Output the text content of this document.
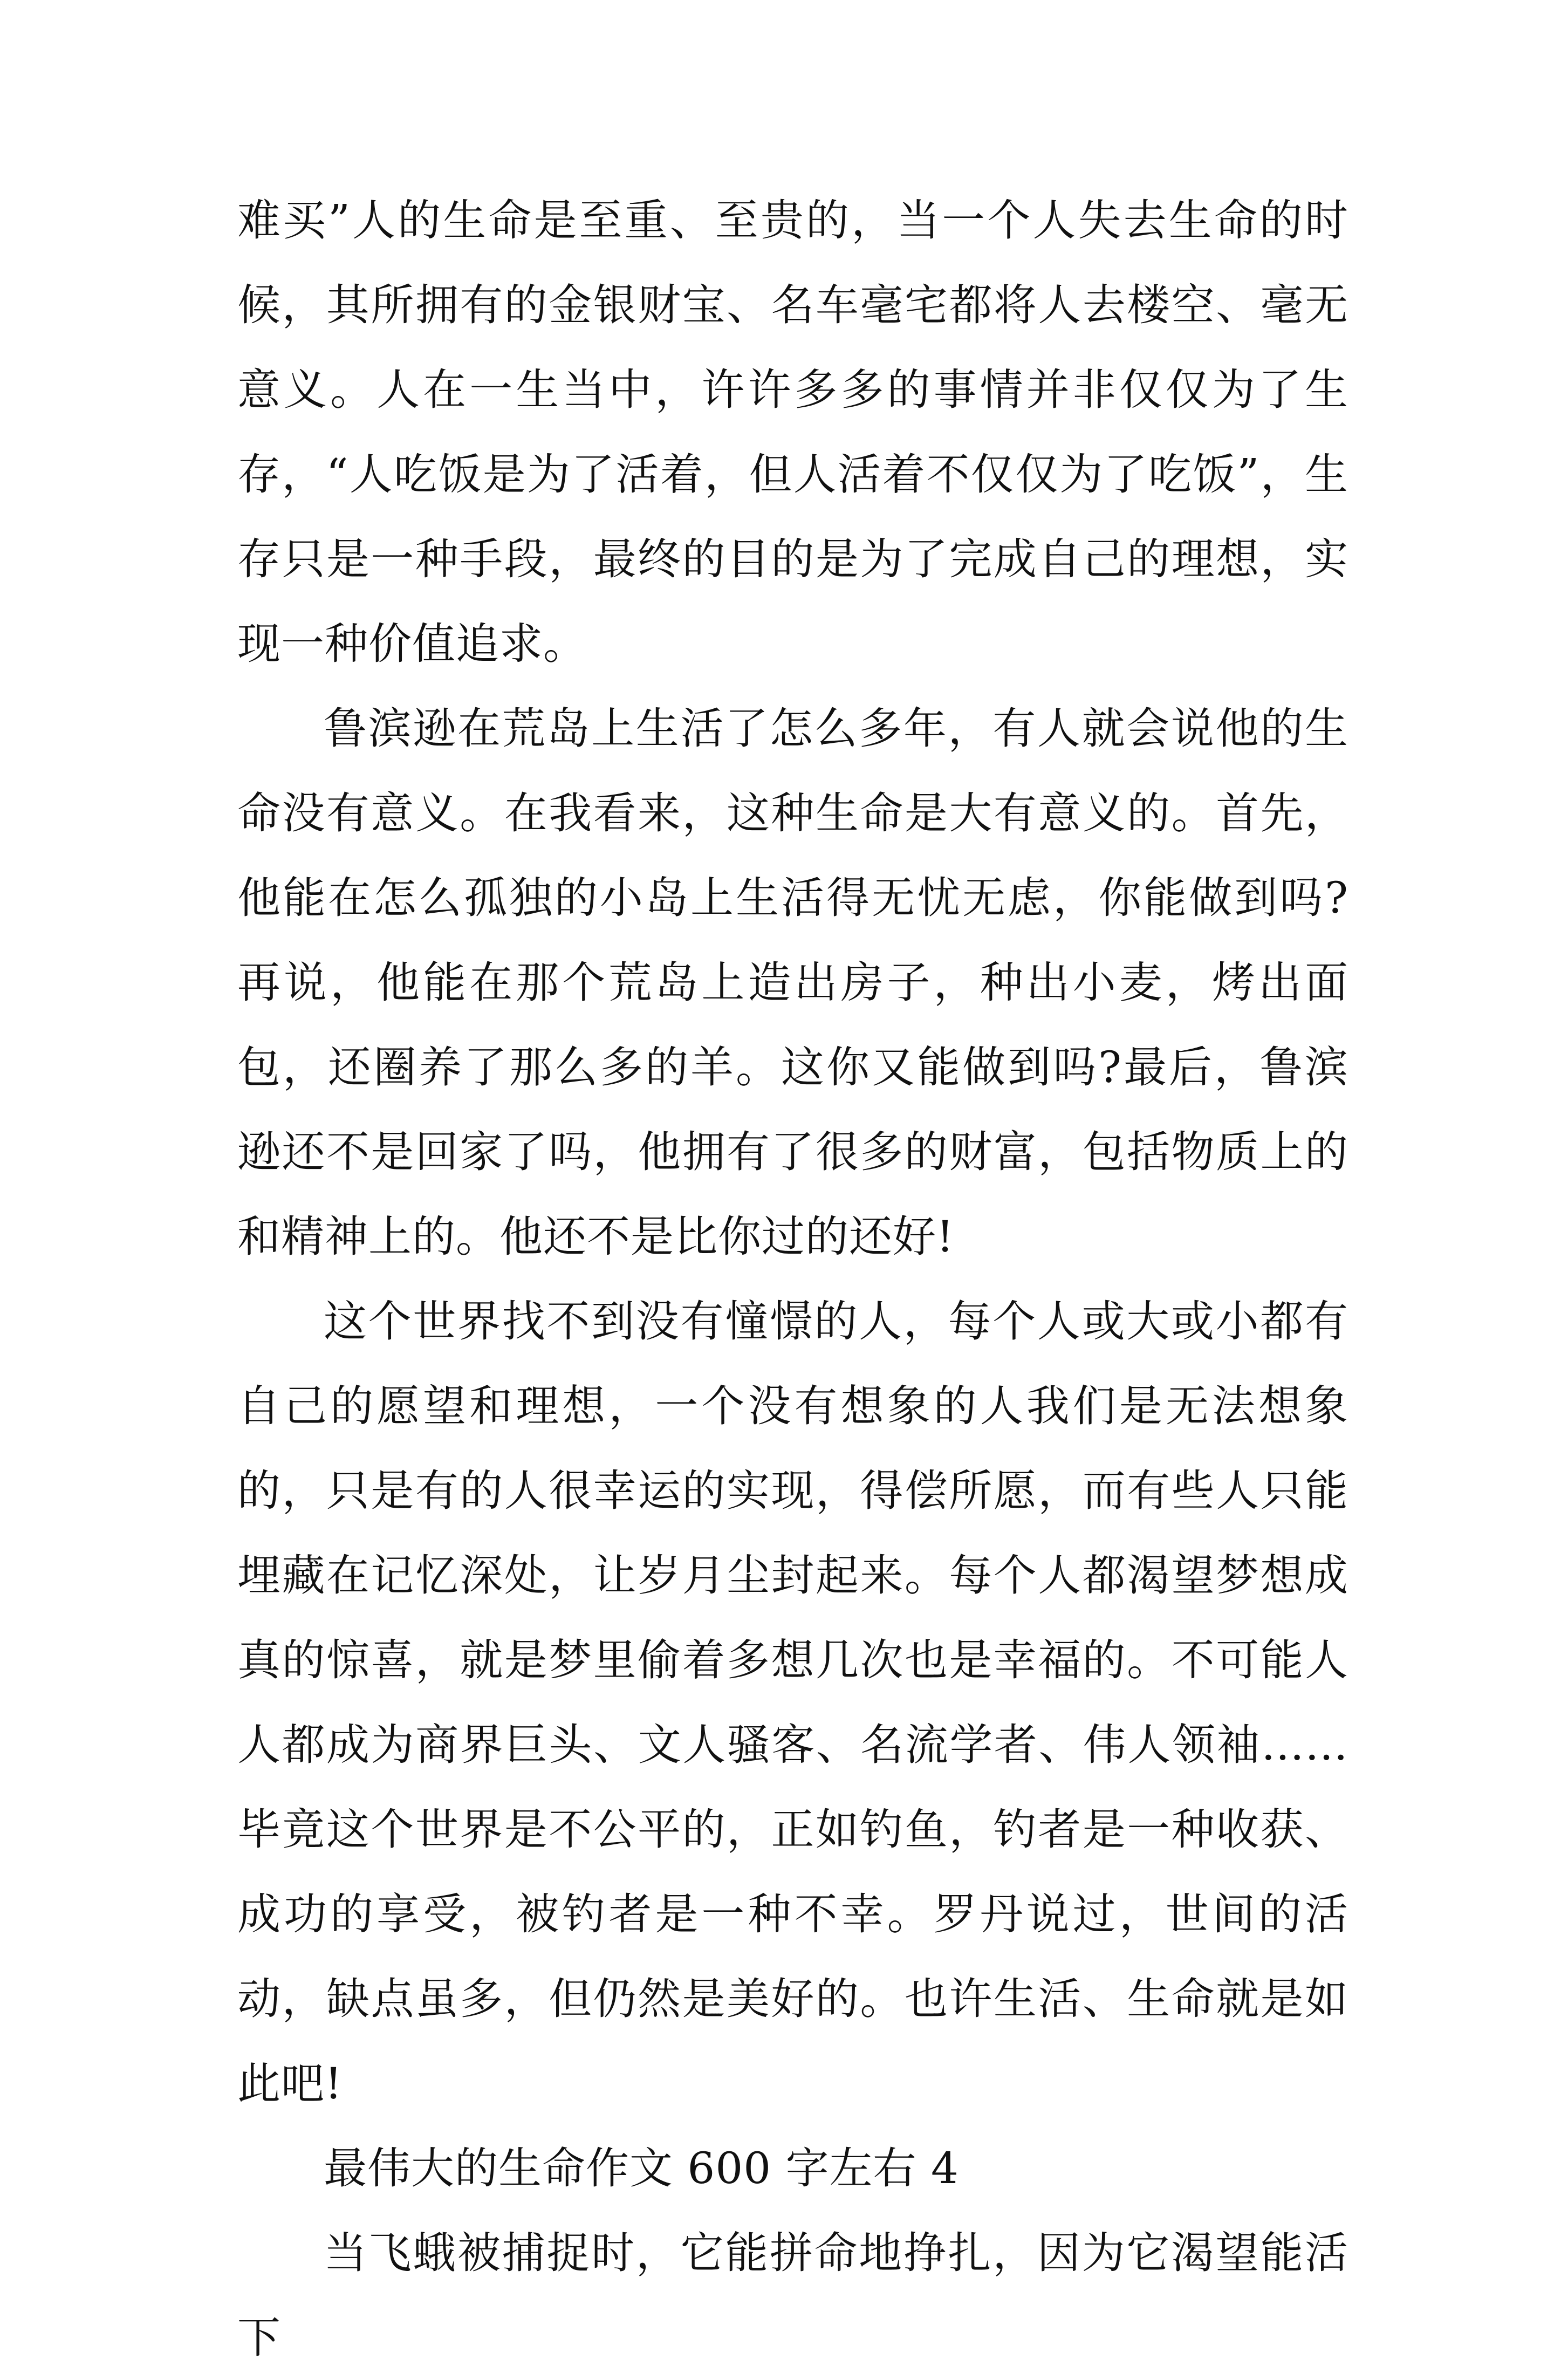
难买”人的生命是至重、至贵的，当一个人失去生命的时候，其所拥有的金银财宝、名车毫宅都将人去楼空、毫无意义。人在一生当中，许许多多的事情并非仅仅为了生存，“人吃饭是为了活着，但人活着不仅仅为了吃饭”，生存只是一种手段，最终的目的是为了完成自己的理想，实现一种价值追求。

鲁滨逊在荒岛上生活了怎么多年，有人就会说他的生命没有意义。在我看来，这种生命是大有意义的。首先，他能在怎么孤独的小岛上生活得无忧无虑，你能做到吗?再说，他能在那个荒岛上造出房子，种出小麦，烤出面包，还圈养了那么多的羊。这你又能做到吗?最后，鲁滨逊还不是回家了吗，他拥有了很多的财富，包括物质上的和精神上的。他还不是比你过的还好!

这个世界找不到没有憧憬的人，每个人或大或小都有自己的愿望和理想，一个没有想象的人我们是无法想象的，只是有的人很幸运的实现，得偿所愿，而有些人只能埋藏在记忆深处，让岁月尘封起来。每个人都渴望梦想成真的惊喜，就是梦里偷着多想几次也是幸福的。不可能人人都成为商界巨头、文人骚客、名流学者、伟人领袖……毕竟这个世界是不公平的，正如钓鱼，钓者是一种收获、成功的享受，被钓者是一种不幸。罗丹说过，世间的活动，缺点虽多，但仍然是美好的。也许生活、生命就是如此吧!

最伟大的生命作文 600 字左右 4

当飞蛾被捕捉时，它能拼命地挣扎，因为它渴望能活下
